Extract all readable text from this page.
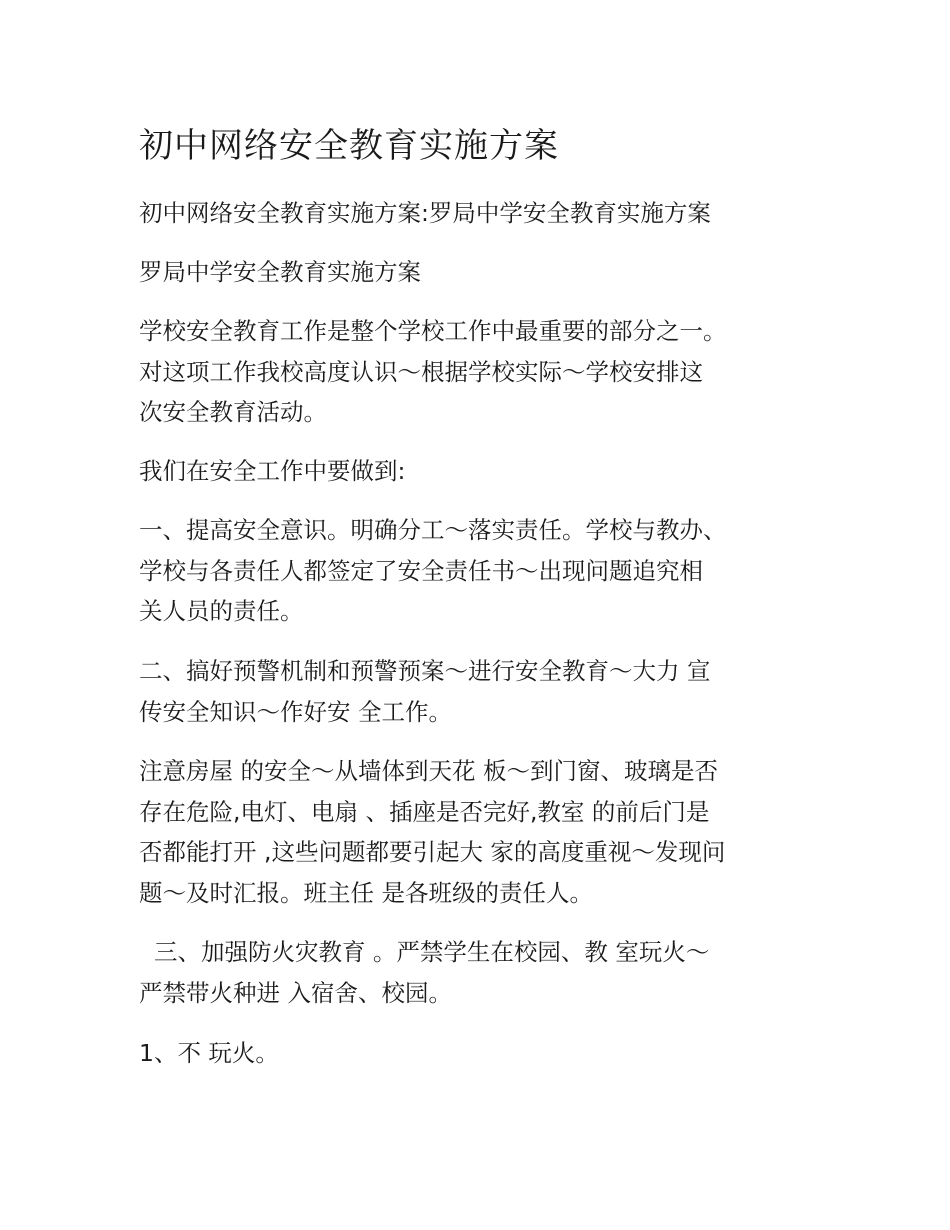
初中网络安全教育实施方案

初中网络安全教育实施方案:罗局中学安全教育实施方案

罗局中学安全教育实施方案

学校安全教育工作是整个学校工作中最重要的部分之一。
对这项工作我校高度认识～根据学校实际～学校安排这
次安全教育活动。

我们在安全工作中要做到:

一、提高安全意识。明确分工～落实责任。学校与教办、
学校与各责任人都签定了安全责任书～出现问题追究相
关人员的责任。

二、搞好预警机制和预警预案～进行安全教育～大力 宣
传安全知识～作好安 全工作。

注意房屋 的安全～从墙体到天花 板～到门窗、玻璃是否
存在危险,电灯、电扇 、插座是否完好,教室 的前后门是
否都能打开 ,这些问题都要引起大 家的高度重视～发现问
题～及时汇报。班主任 是各班级的责任人。

三、加强防火灾教育 。严禁学生在校园、教 室玩火～
严禁带火种进 入宿舍、校园。

1、不 玩火。
